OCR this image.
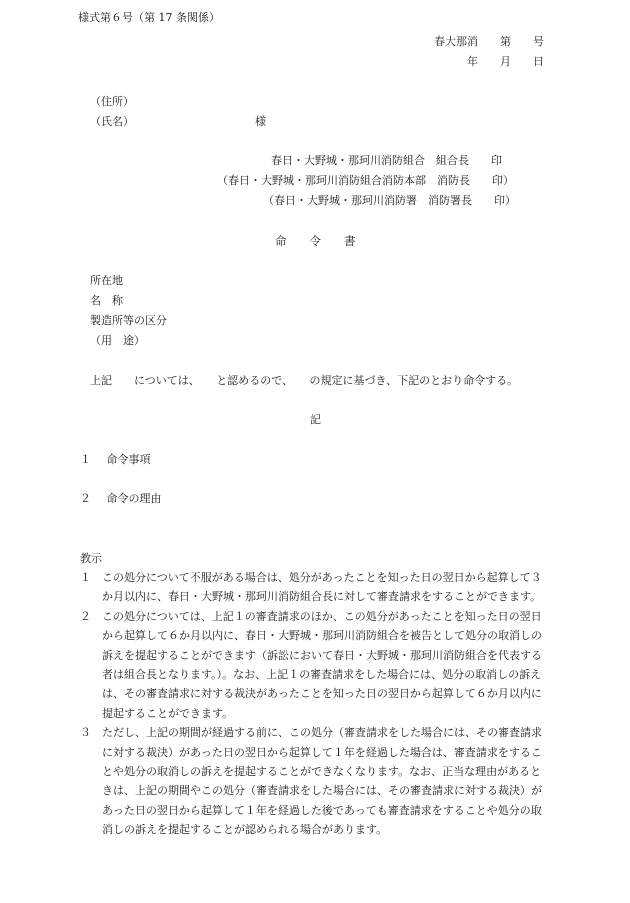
様式第６号（第 17 条関係）
春大那消　　第　　号
年　　月　　日
（住所）
（氏名）	様
春日・大野城・那珂川消防組合　組合長　　印
（春日・大野城・那珂川消防組合消防本部　消防長　　印）
（春日・大野城・那珂川消防署　消防署長　　印）
命　　令　　書
所在地
名　称
製造所等の区分
（用　途）
上記　　については、　　と認めるので、　　の規定に基づき、下記のとおり命令する。
記
１ 命令事項
２ 命令の理由
教示
１	この処分について不服がある場合は、処分があったことを知った日の翌日から起算して３か月以内に、春日・大野城・那珂川消防組合長に対して審査請求をすることができます。
２	この処分については、上記１の審査請求のほか、この処分があったことを知った日の翌日から起算して６か月以内に、春日・大野城・那珂川消防組合を被告として処分の取消しの訴えを提起することができます（訴訟において春日・大野城・那珂川消防組合を代表する者は組合長となります。）。なお、上記１の審査請求をした場合には、処分の取消しの訴えは、その審査請求に対する裁決があったことを知った日の翌日から起算して６か月以内に提起することができます。
３	ただし、上記の期間が経過する前に、この処分（審査請求をした場合には、その審査請求に対する裁決）があった日の翌日から起算して１年を経過した場合は、審査請求をすることや処分の取消しの訴えを提起することができなくなります。なお、正当な理由があるときは、上記の期間やこの処分（審査請求をした場合には、その審査請求に対する裁決）があった日の翌日から起算して１年を経過した後であっても審査請求をすることや処分の取消しの訴えを提起することが認められる場合があります。
